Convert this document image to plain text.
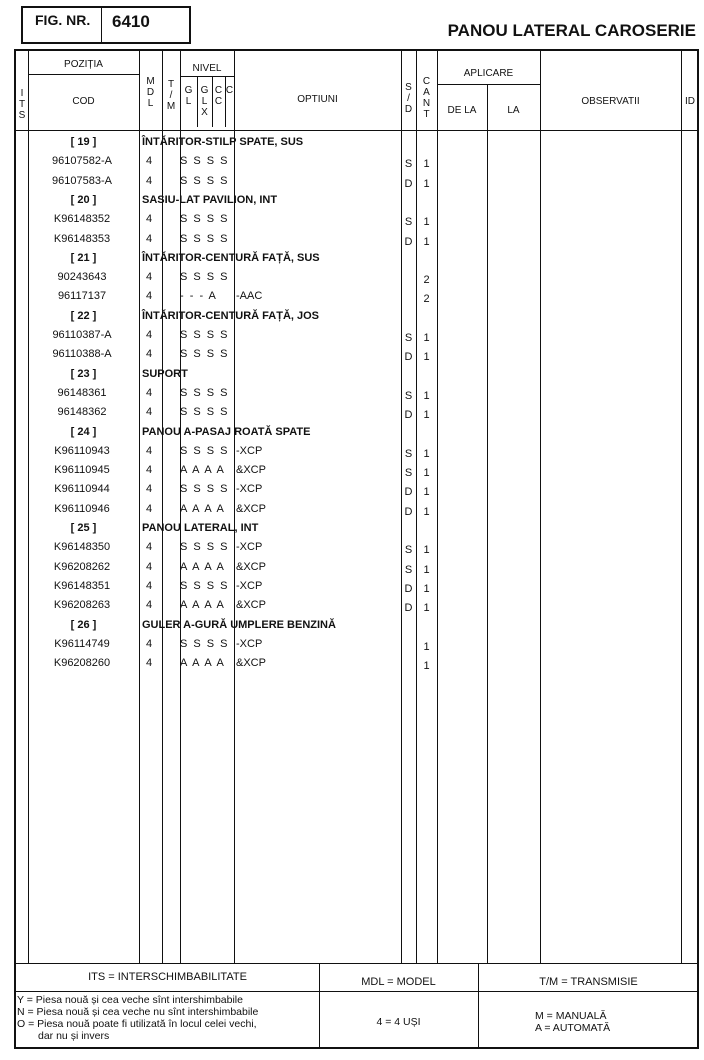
FIG. NR. 6410	PANOU LATERAL CAROSERIE
POZIȚIA
I
T
S
COD
M
D
L
T
/
M
NIVEL
G
L
G
L
X
C
C
C
OPTIUNI
S
/
D
C
A
N
T
APLICARE
DE LA	LA
OBSERVATII	ID
[ 19 ]	ÎNTĂRITOR-STILP SPATE, SUS
96107582-A	4	S S S S	S	1
96107583-A	4	S S S S	D 1
[ 20 ]	SASIU-LAT PAVILION, INT
K96148352	4	S S S S	S	1
K96148353	4	S S S S	D 1
[ 21 ]	ÎNTĂRITOR-CENTURĂ FAȚĂ, SUS
90243643	4	S S S S	2
96117137	4	- - - A	-AAC	2
[ 22 ]	ÎNTĂRITOR-CENTURĂ FAȚĂ, JOS
96110387-A	4	S S S S	S	1
96110388-A	4	S S S S	D 1
[ 23 ]	SUPORT
96148361	4	S S S S	S	1
96148362	4	S S S S	D 1
[ 24 ]	PANOU A-PASAJ ROATĂ SPATE
K96110943	4	S S S S -XCP	S	1
K96110945	4	A A A A &XCP	S	1
K96110944	4	S S S S -XCP	D 1
K96110946	4	A A A A &XCP	D 1
[ 25 ]	PANOU LATERAL, INT
K96148350	4	S S S S -XCP	S	1
K96208262	4	A A A A &XCP	S	1
K96148351	4	S S S S -XCP	D 1
K96208263	4	A A A A &XCP	D 1
[ 26 ]	GULER A-GURĂ UMPLERE BENZINĂ
K96114749	4	S S S S -XCP	1
K96208260	4	A A A A &XCP	1
ITS = INTERSCHIMBABILITATE
Y = Piesa nouă și cea veche sînt intershimbabile
N = Piesa nouă și cea veche nu sînt intershimbabile
O = Piesa nouă poate fi utilizată în locul celei vechi,
dar nu și invers
MDL = MODEL
4 = 4 UȘI
T/M = TRANSMISIE
M = MANUALĂ
A = AUTOMATĂ
